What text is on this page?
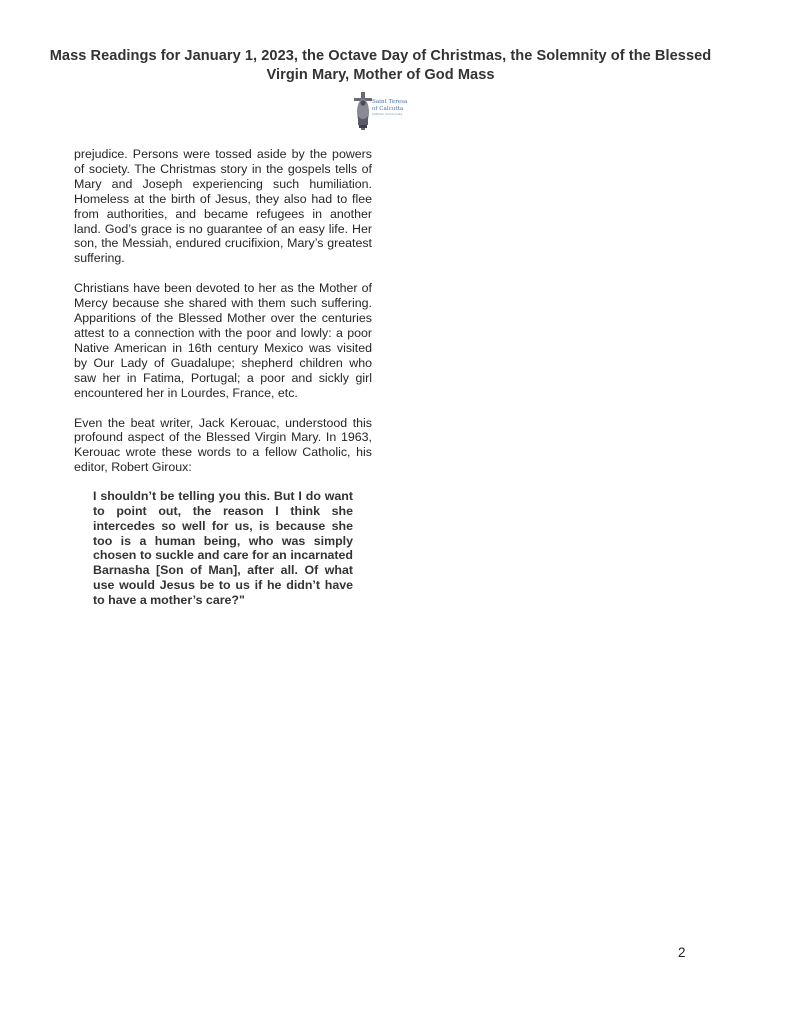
Mass Readings for January 1, 2023, the Octave Day of Christmas, the Solemnity of the Blessed Virgin Mary, Mother of God Mass
Saint Teresa
of Calcutta
Catholic Community

prejudice. Persons were tossed aside by the powers of society. The Christmas story in the gospels tells of Mary and Joseph experiencing such humiliation. Homeless at the birth of Jesus, they also had to flee from authorities, and became refugees in another land. God’s grace is no guarantee of an easy life. Her son, the Messiah, endured crucifixion, Mary’s greatest suffering.

Christians have been devoted to her as the Mother of Mercy because she shared with them such suffering. Apparitions of the Blessed Mother over the centuries attest to a connection with the poor and lowly: a poor Native American in 16th century Mexico was visited by Our Lady of Guadalupe; shepherd children who saw her in Fatima, Portugal; a poor and sickly girl encountered her in Lourdes, France, etc.

Even the beat writer, Jack Kerouac, understood this profound aspect of the Blessed Virgin Mary. In 1963, Kerouac wrote these words to a fellow Catholic, his editor, Robert Giroux:

I shouldn’t be telling you this. But I do want to point out, the reason I think she intercedes so well for us, is because she too is a human being, who was simply chosen to suckle and care for an incarnated Barnasha [Son of Man], after all. Of what use would Jesus be to us if he didn’t have to have a mother’s care?"
2
